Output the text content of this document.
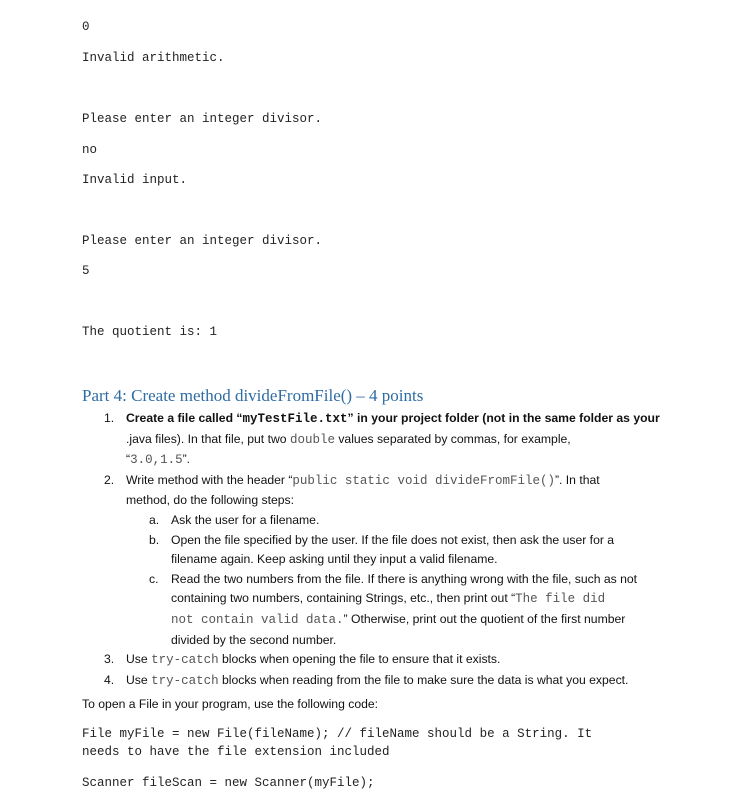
0
Invalid arithmetic.
Please enter an integer divisor.
no
Invalid input.
Please enter an integer divisor.
5
The quotient is: 1
Part 4: Create method divideFromFile() – 4 points
1. Create a file called “myTestFile.txt” in your project folder (not in the same folder as your
.java files). In that file, put two double values separated by commas, for example,
“3.0,1.5”.
2. Write method with the header “public static void divideFromFile()”. In that
method, do the following steps:
a. Ask the user for a filename.
b. Open the file specified by the user. If the file does not exist, then ask the user for a
filename again. Keep asking until they input a valid filename.
c. Read the two numbers from the file. If there is anything wrong with the file, such as not
containing two numbers, containing Strings, etc., then print out “The file did
not contain valid data.” Otherwise, print out the quotient of the first number
divided by the second number.
3. Use try-catch blocks when opening the file to ensure that it exists.
4. Use try-catch blocks when reading from the file to make sure the data is what you expect.
To open a File in your program, use the following code:
File myFile = new File(fileName); // fileName should be a String. It
needs to have the file extension included
Scanner fileScan = new Scanner(myFile);
